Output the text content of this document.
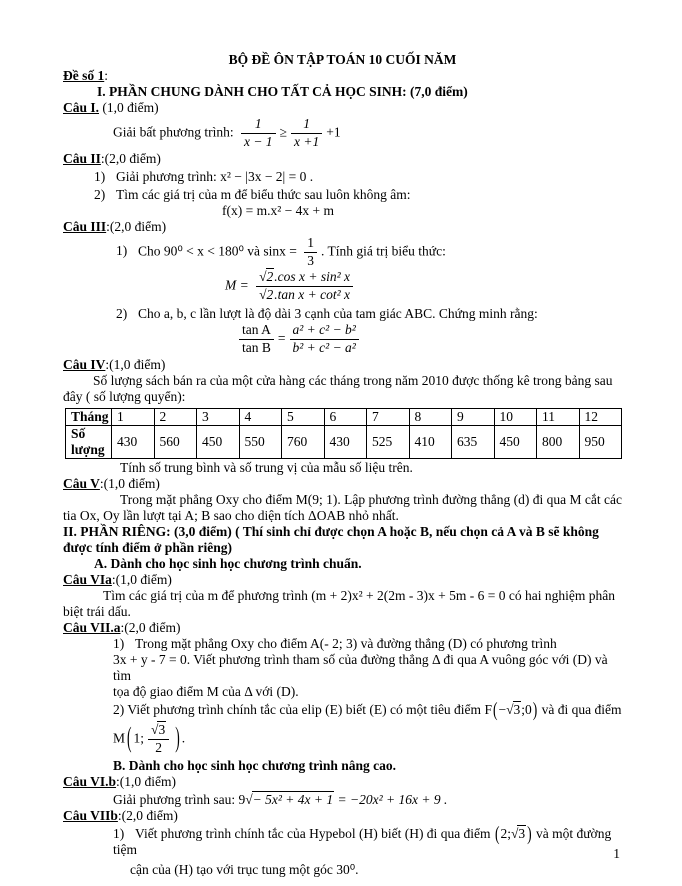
BỘ ĐỀ ÔN TẬP TOÁN 10 CUỐI NĂM
Đề số 1:
I. PHẦN CHUNG DÀNH CHO TẤT CẢ HỌC SINH: (7,0 điểm)
Câu I. (1,0 điểm)
Giải bất phương trình: $\frac{1}{x - 1} \ge \frac{1}{x +1} +1$
Câu II:(2,0 điểm)
1) Giải phương trình: x² − |3x − 2| = 0 .
2) Tìm các giá trị của m để biểu thức sau luôn không âm:
f(x) = m.x² − 4x + m
Câu III:(2,0 điểm)
1) Cho 90⁰ < x < 180⁰ và $\sin x = \frac{1}{3}$ . Tính giá trị biểu thức:
$M = \frac{\text{√2.cos x + sin² x}}{\text{√2.tan x + cot² x}}$
2) Cho a, b, c lần lượt là độ dài 3 cạnh của tam giác ABC. Chứng minh rằng:
$\frac{\text{tan A}}{\text{tan B}} = \frac{\text{a² + c² − b²}}{\text{b² + c² − a²}}$
Câu IV:(1,0 điểm)
Số lượng sách bán ra của một cửa hàng các tháng trong năm 2010 được thống kê trong bảng sau đây ( số lượng quyển):
Tháng	1	2	3	4	5	6	7	8	9	10	11	12
Số lượng	430	560	450	550	760	430	525	410	635	450	800	950
Tính số trung bình và số trung vị của mẫu số liệu trên.
Câu V:(1,0 điểm)
Trong mặt phẳng Oxy cho điểm M(9; 1). Lập phương trình đường thẳng (d) đi qua M cắt các tia Ox, Oy lần lượt tại A; B sao cho diện tích ΔOAB nhỏ nhất.
II. PHẦN RIÊNG: (3,0 điểm) ( Thí sinh chỉ được chọn A hoặc B, nếu chọn cả A và B sẽ không được tính điểm ở phần riêng)
A. Dành cho học sinh học chương trình chuẩn.
Câu VIa:(1,0 điểm)
Tìm các giá trị của m để phương trình (m + 2)x² + 2(2m - 3)x + 5m - 6 = 0 có hai nghiệm phân biệt trái dấu.
Câu VII.a:(2,0 điểm)
1) Trong mặt phẳng Oxy cho điểm A(- 2; 3) và đường thẳng (D) có phương trình
3x + y - 7 = 0. Viết phương trình tham số của đường thẳng Δ đi qua A vuông góc với (D) và tìm
tọa độ giao điểm M của Δ với (D).
2) Viết phương trình chính tắc của elip (E) biết (E) có một tiêu điểm F(−√3;0) và đi qua điểm
M ( 1; $\frac{√3}{2}$ ) .
B. Dành cho học sinh học chương trình nâng cao.
Câu VI.b:(1,0 điểm)
Giải phương trình sau: 9√− 5x² + 4x + 1 = −20x² + 16x + 9 .
Câu VIIb:(2,0 điểm)
1) Viết phương trình chính tắc của Hypebol (H) biết (H) đi qua điểm (2;√3 ) và một đường tiệm
cận của (H) tạo với trục tung một góc 30⁰.
1
